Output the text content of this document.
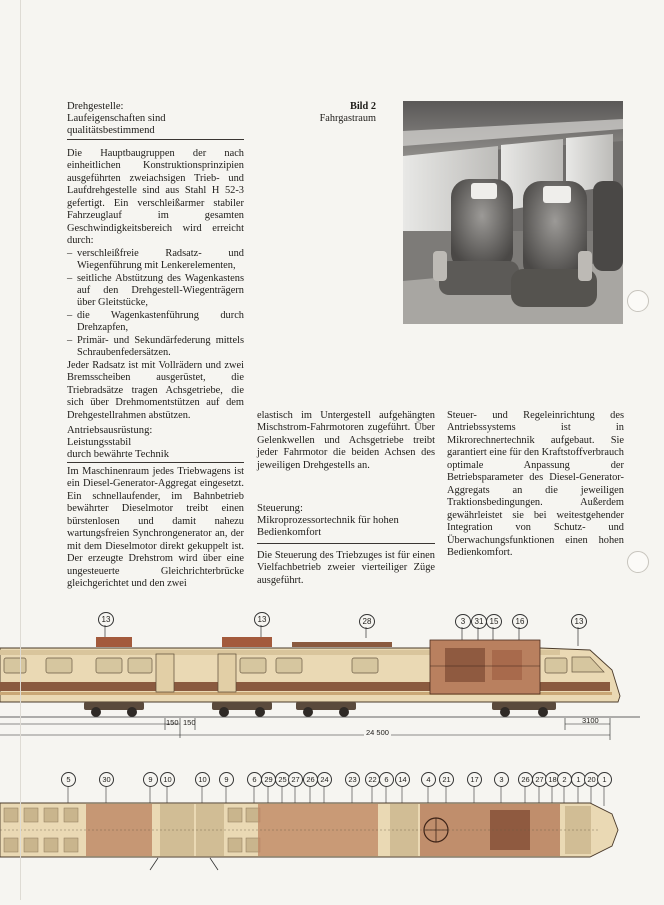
Drehgestelle:
Laufeigenschaften sind
qualitätsbestimmend

Die Hauptbaugruppen der nach einheitlichen Konstruktionsprinzipien ausgeführten zweiachsigen Trieb- und Laufdrehgestelle sind aus Stahl H 52-3 gefertigt. Ein verschleißarmer stabiler Fahrzeuglauf im gesamten Geschwindigkeitsbereich wird erreicht durch:

– verschleißfreie Radsatz- und Wiegenführung mit Lenkerelementen,
– seitliche Abstützung des Wagenkastens auf den Drehgestell-Wiegenträgern über Gleitstücke,
– die Wagenkastenführung durch Drehzapfen,
– Primär- und Sekundärfederung mittels Schraubenfedersätzen.

Jeder Radsatz ist mit Vollrädern und zwei Bremsscheiben ausgerüstet, die Triebradsätze tragen Achsgetriebe, die sich über Drehmomentstützen auf dem Drehgestellrahmen abstützen.

Bild 2
Fahrgastraum
Antriebsausrüstung:
Leistungsstabil
durch bewährte Technik
Im Maschinenraum jedes Triebwagens ist ein Diesel-Generator-Aggregat eingesetzt. Ein schnellaufender, im Bahnbetrieb bewährter Dieselmotor treibt einen bürstenlosen und damit nahezu wartungsfreien Synchrongenerator an, der mit dem Dieselmotor direkt gekuppelt ist. Der erzeugte Drehstrom wird über eine ungesteuerte Gleichrichterbrücke gleichgerichtet und den zwei
elastisch im Untergestell aufgehängten Mischstrom-Fahrmotoren zugeführt. Über Gelenkwellen und Achsgetriebe treibt jeder Fahrmotor die beiden Achsen des jeweiligen Drehgestells an.
Steuerung:
Mikroprozessortechnik für hohen
Bedienkomfort
Die Steuerung des Triebzuges ist für einen Vielfachbetrieb zweier vierteiliger Züge ausgeführt.
Steuer- und Regeleinrichtung des Antriebssystems ist in Mikrorechnertechnik aufgebaut. Sie garantiert eine für den Kraftstoffverbrauch optimale Anpassung der Betriebsparameter des Diesel-Generator-Aggregats an die jeweiligen Traktionsbedingungen. Außerdem gewährleistet sie bei weitestgehender Integration von Schutz- und Überwachungsfunktionen einen hohen Bedienkomfort.
13	13	28	3	31 15	16	13
150 150
24 500
3100
5	30	9	10	10	9	6	29 25 27 26 24	23	22	6	14	4	21	17	3	26 27 18 2	1 20 1
